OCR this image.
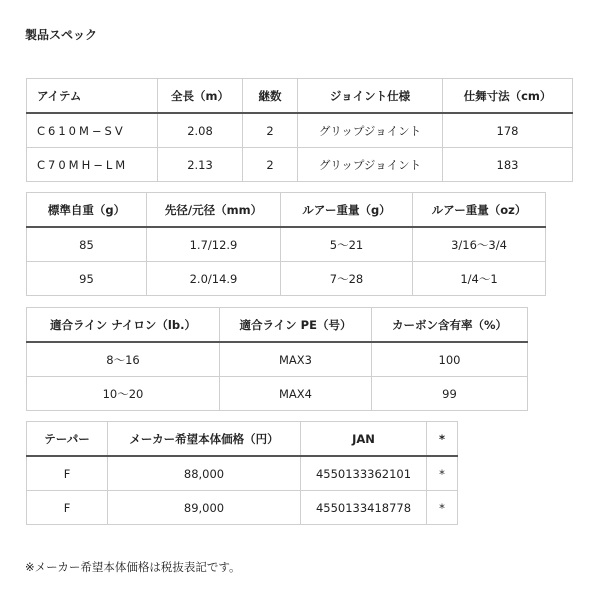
製品スペック
アイテム	全長（m）	継数	ジョイント仕様	仕舞寸法（cm）
C610M−SV	2.08	2	グリップジョイント	178
C70MH−LM	2.13	2	グリップジョイント	183
標準自重（g）	先径/元径（mm）	ルアー重量（g）	ルアー重量（oz）
85	1.7/12.9	5〜21	3/16〜3/4
95	2.0/14.9	7〜28	1/4〜1
適合ライン ナイロン（lb.）	適合ライン PE（号）	カーボン含有率（%）
8〜16	MAX3	100
10〜20	MAX4	99
テーパー	メーカー希望本体価格（円）	JAN	*
F	88,000	4550133362101	*
F	89,000	4550133418778	*
※メーカー希望本体価格は税抜表記です。
